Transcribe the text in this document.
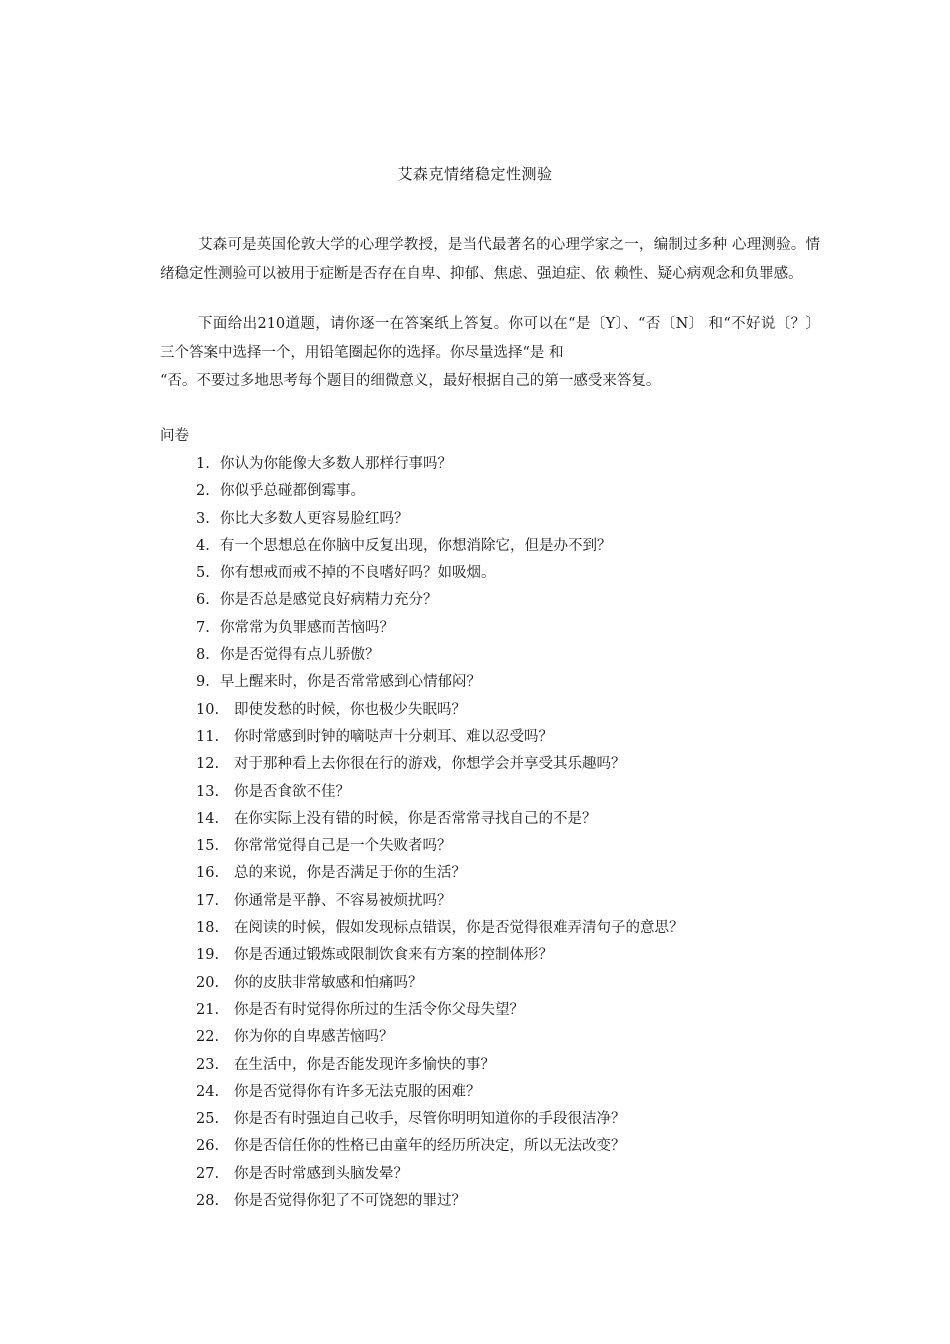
艾森克情绪稳定性测验

艾森可是英国伦敦大学的心理学教授，是当代最著名的心理学家之一，编制过多种 心理测验。情绪稳定性测验可以被用于症断是否存在自卑、抑郁、焦虑、强迫症、依 赖性、疑心病观念和负罪感。

下面给出210道题，请你逐一在答案纸上答复。你可以在“是〔Y〕、“否〔N〕 和“不好说〔？〕 三个答案中选择一个，用铅笔圈起你的选择。你尽量选择“是 和

“否。不要过多地思考每个题目的细微意义，最好根据自己的第一感受来答复。

问卷
1. 你认为你能像大多数人那样行事吗？
2. 你似乎总碰都倒霉事。
3. 你比大多数人更容易脸红吗？
4. 有一个思想总在你脑中反复出现，你想消除它，但是办不到？
5. 你有想戒而戒不掉的不良嗜好吗？如吸烟。
6. 你是否总是感觉良好病精力充分？
7. 你常常为负罪感而苦恼吗？
8. 你是否觉得有点儿骄傲？
9. 早上醒来时，你是否常常感到心情郁闷？
10. 即使发愁的时候，你也极少失眠吗？
11. 你时常感到时钟的嘀哒声十分刺耳、难以忍受吗？
12. 对于那种看上去你很在行的游戏，你想学会并享受其乐趣吗？
13. 你是否食欲不佳？
14. 在你实际上没有错的时候，你是否常常寻找自己的不是？
15. 你常常觉得自己是一个失败者吗？
16. 总的来说，你是否满足于你的生活？
17. 你通常是平静、不容易被烦扰吗？
18. 在阅读的时候，假如发现标点错误，你是否觉得很难弄清句子的意思？
19. 你是否通过锻炼或限制饮食来有方案的控制体形？
20. 你的皮肤非常敏感和怕痛吗？
21. 你是否有时觉得你所过的生活令你父母失望？
22. 你为你的自卑感苦恼吗？
23. 在生活中，你是否能发现许多愉快的事？
24. 你是否觉得你有许多无法克服的困难？
25. 你是否有时强迫自己收手，尽管你明明知道你的手段很洁净？
26. 你是否信任你的性格已由童年的经历所决定，所以无法改变？
27. 你是否时常感到头脑发晕？
28. 你是否觉得你犯了不可饶恕的罪过？
